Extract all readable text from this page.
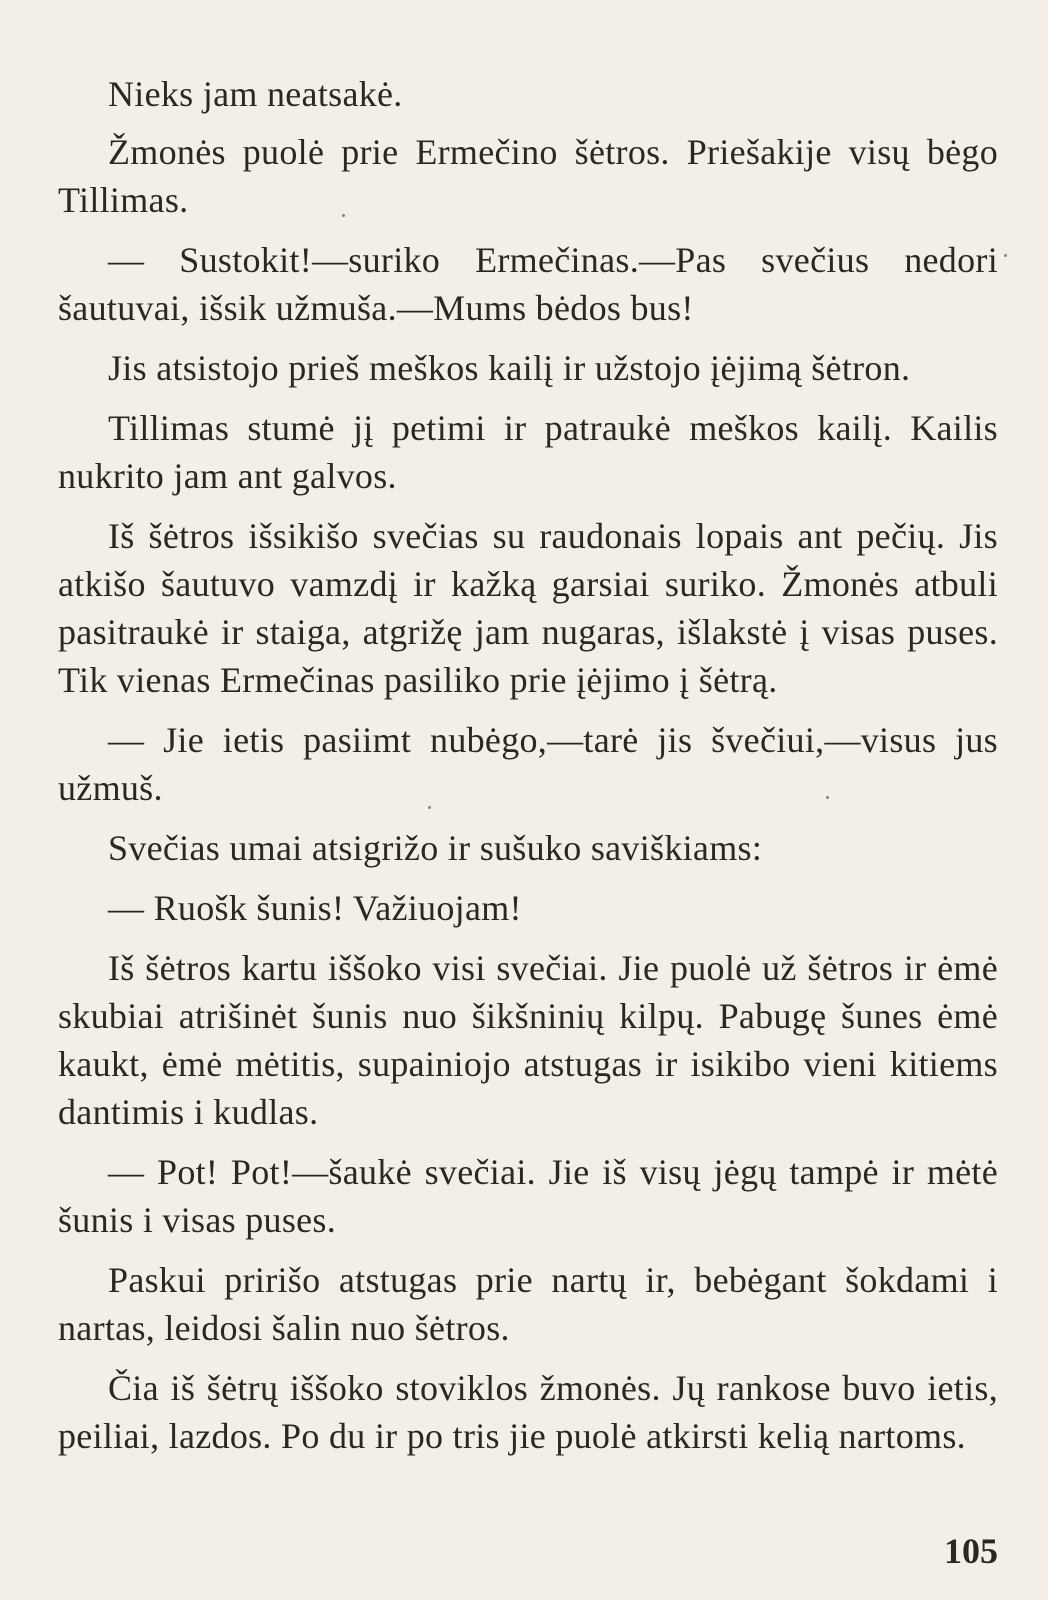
Nieks jam neatsakė.

Žmonės puolė prie Ermečino šėtros. Priešakije visų bėgo Tillimas.

— Sustokit!—suriko Ermečinas.—Pas svečius nedori šautuvai, išsik užmuša.—Mums bėdos bus!

Jis atsistojo prieš meškos kailį ir užstojo įėjimą šėtron.

Tillimas stumė jį petimi ir patraukė meškos kailį. Kailis nukrito jam ant galvos.

Iš šėtros išsikišo svečias su raudonais lopais ant pečių. Jis atkišo šautuvo vamzdį ir kažką garsiai suriko. Žmonės atbuli pasitraukė ir staiga, atgrižę jam nugaras, išlakstė į visas puses. Tik vienas Ermečinas pasiliko prie įėjimo į šėtrą.

— Jie ietis pasiimt nubėgo,—tarė jis švečiui,—visus jus užmuš.

Svečias umai atsigrižo ir sušuko saviškiams:

— Ruošk šunis! Važiuojam!

Iš šėtros kartu iššoko visi svečiai. Jie puolė už šėtros ir ėmė skubiai atrišinėt šunis nuo šikšninių kilpų. Pabugę šunes ėmė kaukt, ėmė mėtitis, supainiojo atstugas ir isikibo vieni kitiems dantimis i kudlas.

— Pot! Pot!—šaukė svečiai. Jie iš visų jėgų tampė ir mėtė šunis i visas puses.

Paskui pririšo atstugas prie nartų ir, bebėgant šokdami i nartas, leidosi šalin nuo šėtros.

Čia iš šėtrų iššoko stoviklos žmonės. Jų rankose buvo ietis, peiliai, lazdos. Po du ir po tris jie puolė atkirsti kelią nartoms.

105
